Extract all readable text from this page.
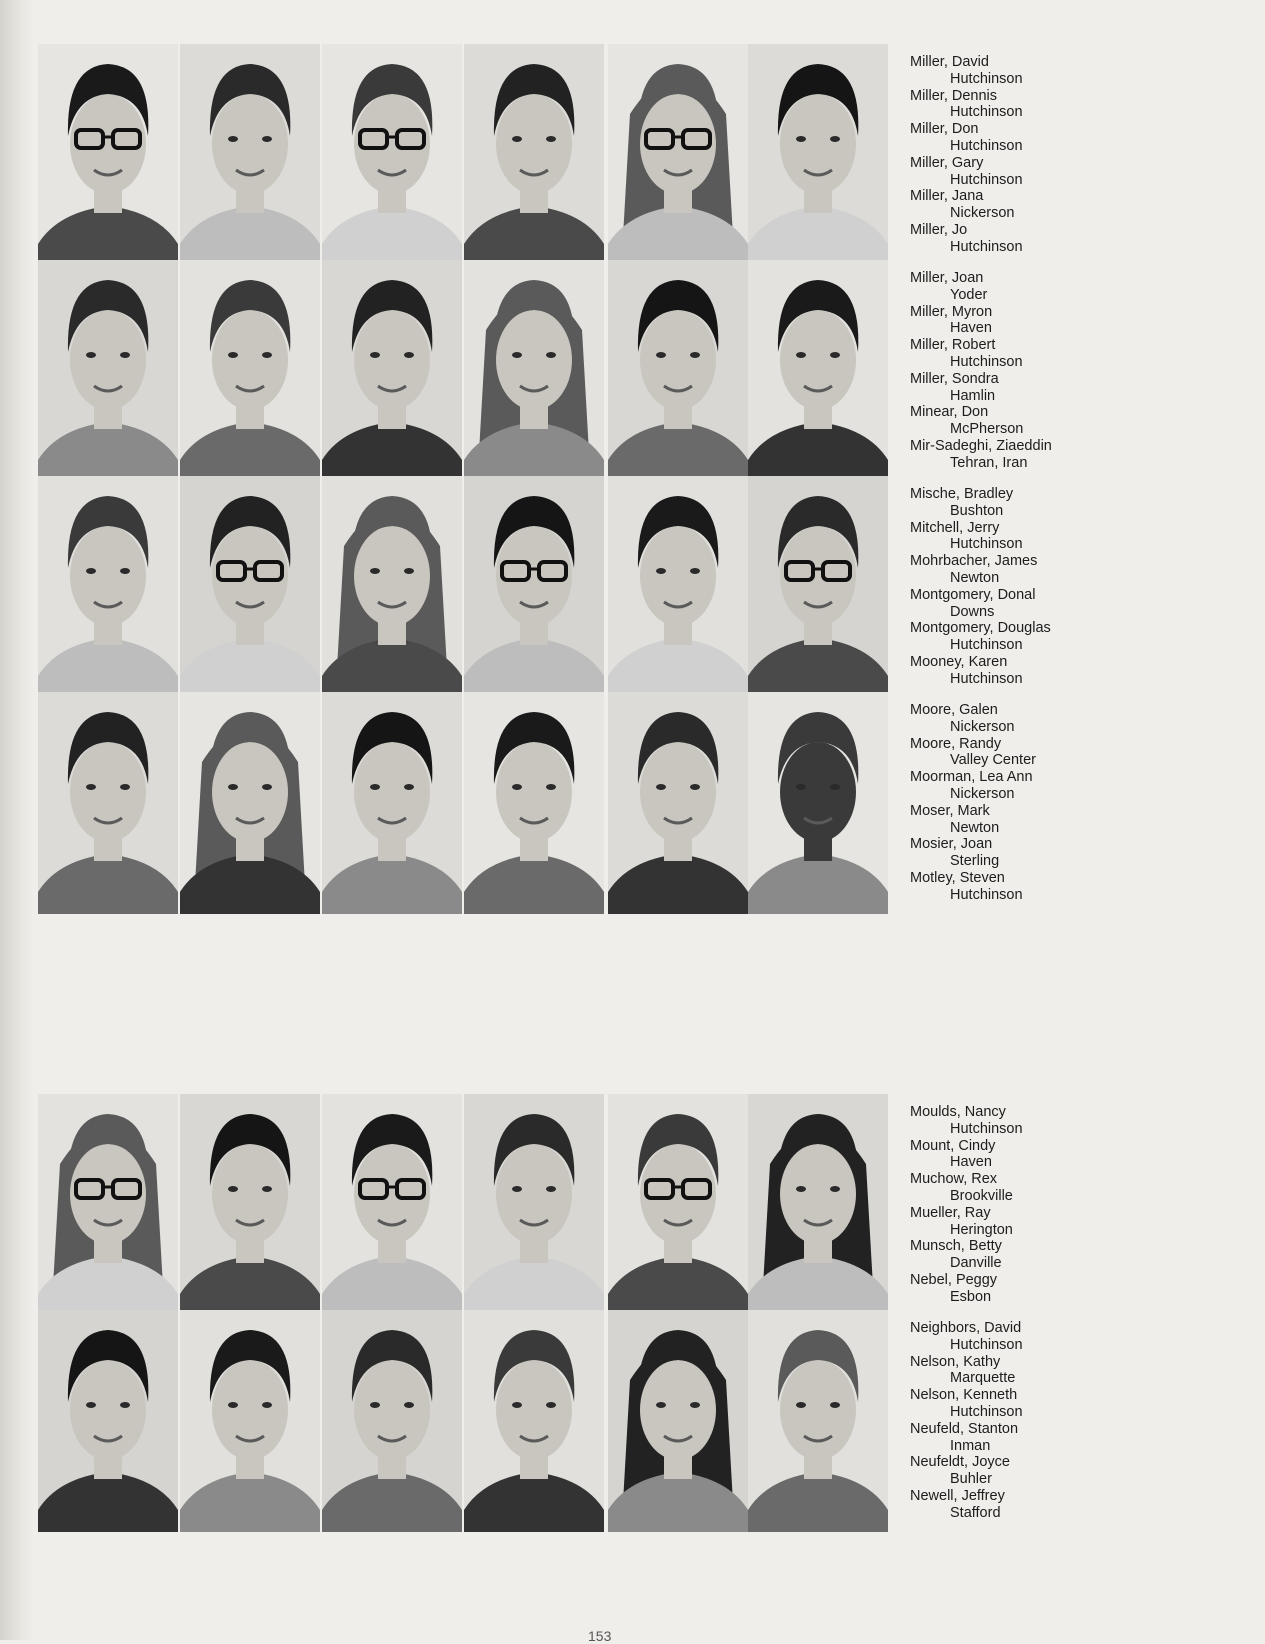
Miller, David
Hutchinson
Miller, Dennis
Hutchinson
Miller, Don
Hutchinson
Miller, Gary
Hutchinson
Miller, Jana
Nickerson
Miller, Jo
Hutchinson
Miller, Joan
Yoder
Miller, Myron
Haven
Miller, Robert
Hutchinson
Miller, Sondra
Hamlin
Minear, Don
McPherson
Mir-Sadeghi, Ziaeddin
Tehran, Iran
Mische, Bradley
Bushton
Mitchell, Jerry
Hutchinson
Mohrbacher, James
Newton
Montgomery, Donal
Downs
Montgomery, Douglas
Hutchinson
Mooney, Karen
Hutchinson
Moore, Galen
Nickerson
Moore, Randy
Valley Center
Moorman, Lea Ann
Nickerson
Moser, Mark
Newton
Mosier, Joan
Sterling
Motley, Steven
Hutchinson
Moulds, Nancy
Hutchinson
Mount, Cindy
Haven
Muchow, Rex
Brookville
Mueller, Ray
Herington
Munsch, Betty
Danville
Nebel, Peggy
Esbon
Neighbors, David
Hutchinson
Nelson, Kathy
Marquette
Nelson, Kenneth
Hutchinson
Neufeld, Stanton
Inman
Neufeldt, Joyce
Buhler
Newell, Jeffrey
Stafford
153
